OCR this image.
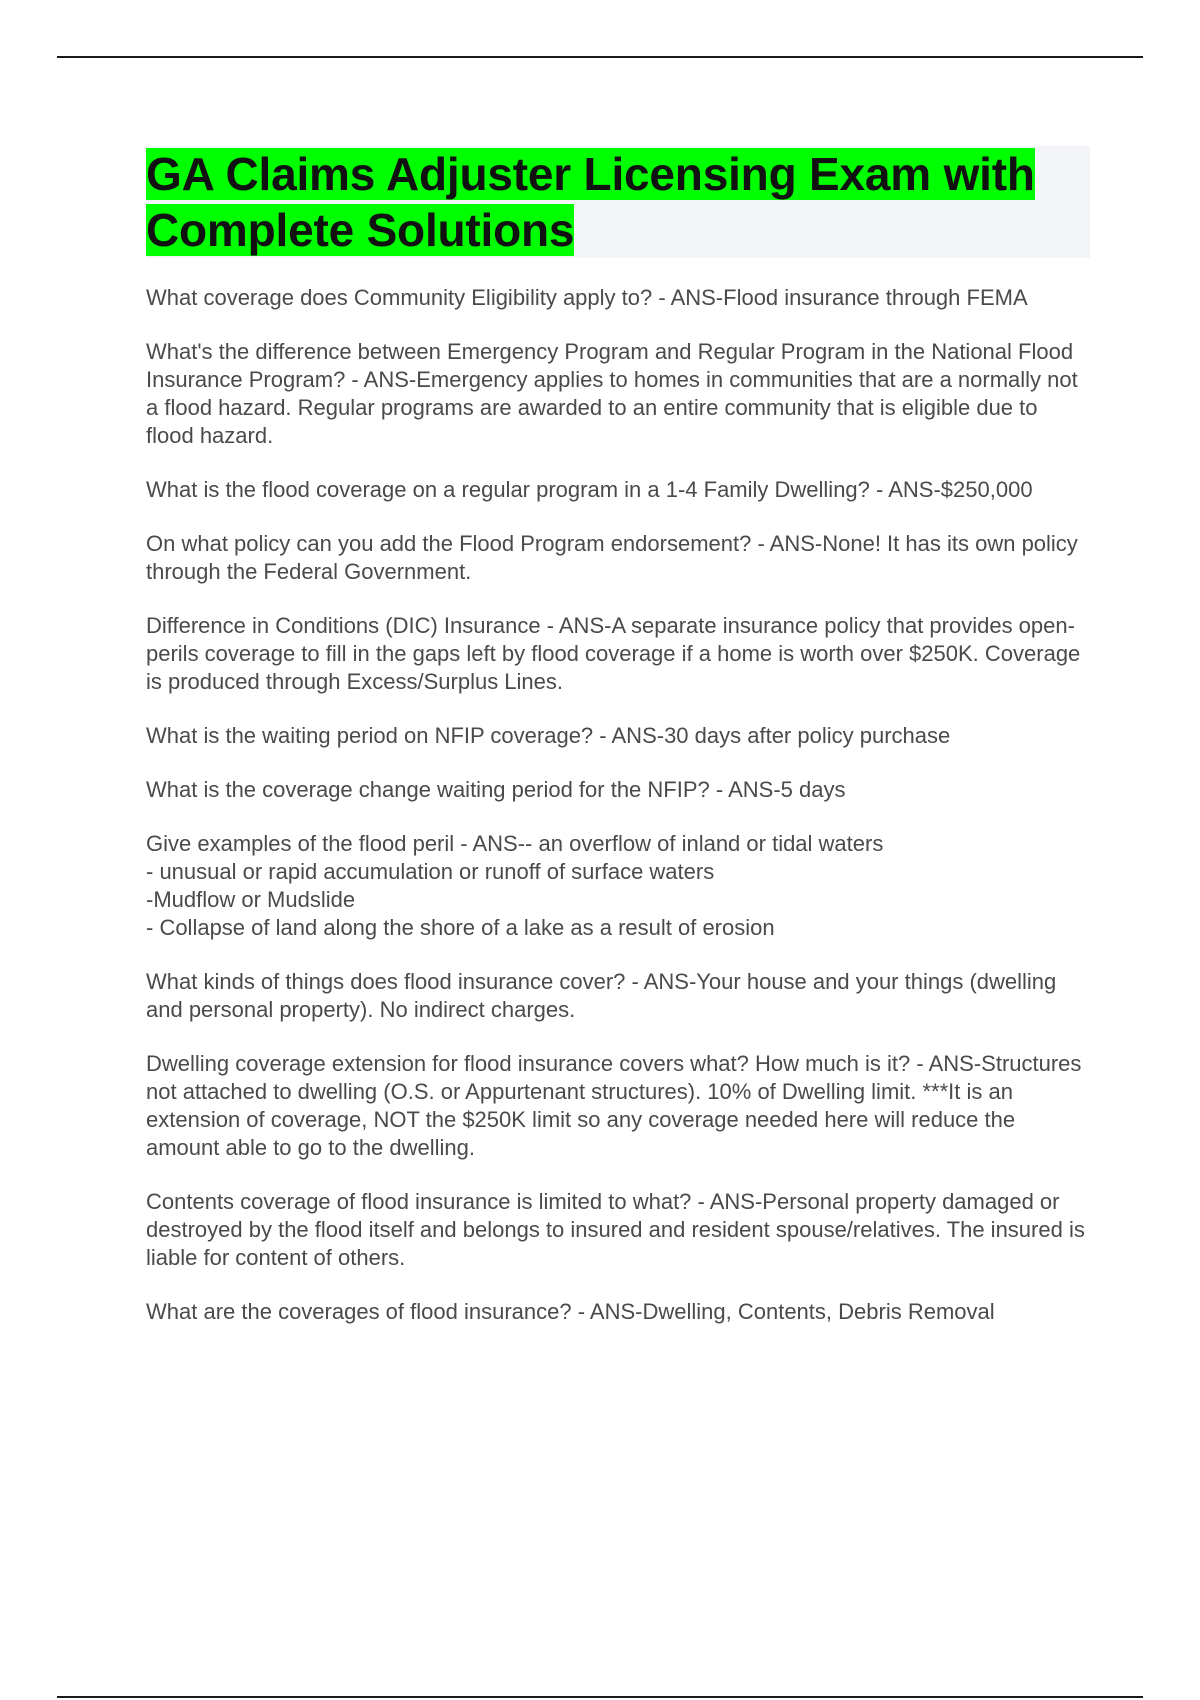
GA Claims Adjuster Licensing Exam with Complete Solutions

What coverage does Community Eligibility apply to? - ANS-Flood insurance through FEMA

What's the difference between Emergency Program and Regular Program in the National Flood Insurance Program? - ANS-Emergency applies to homes in communities that are a normally not a flood hazard. Regular programs are awarded to an entire community that is eligible due to flood hazard.

What is the flood coverage on a regular program in a 1-4 Family Dwelling? - ANS-$250,000

On what policy can you add the Flood Program endorsement? - ANS-None! It has its own policy through the Federal Government.

Difference in Conditions (DIC) Insurance - ANS-A separate insurance policy that provides open-perils coverage to fill in the gaps left by flood coverage if a home is worth over $250K. Coverage is produced through Excess/Surplus Lines.

What is the waiting period on NFIP coverage? - ANS-30 days after policy purchase

What is the coverage change waiting period for the NFIP? - ANS-5 days

Give examples of the flood peril - ANS-- an overflow of inland or tidal waters
- unusual or rapid accumulation or runoff of surface waters
-Mudflow or Mudslide
- Collapse of land along the shore of a lake as a result of erosion

What kinds of things does flood insurance cover? - ANS-Your house and your things (dwelling and personal property). No indirect charges.

Dwelling coverage extension for flood insurance covers what? How much is it? - ANS-Structures not attached to dwelling (O.S. or Appurtenant structures). 10% of Dwelling limit. ***It is an extension of coverage, NOT the $250K limit so any coverage needed here will reduce the amount able to go to the dwelling.

Contents coverage of flood insurance is limited to what? - ANS-Personal property damaged or destroyed by the flood itself and belongs to insured and resident spouse/relatives. The insured is liable for content of others.

What are the coverages of flood insurance? - ANS-Dwelling, Contents, Debris Removal
